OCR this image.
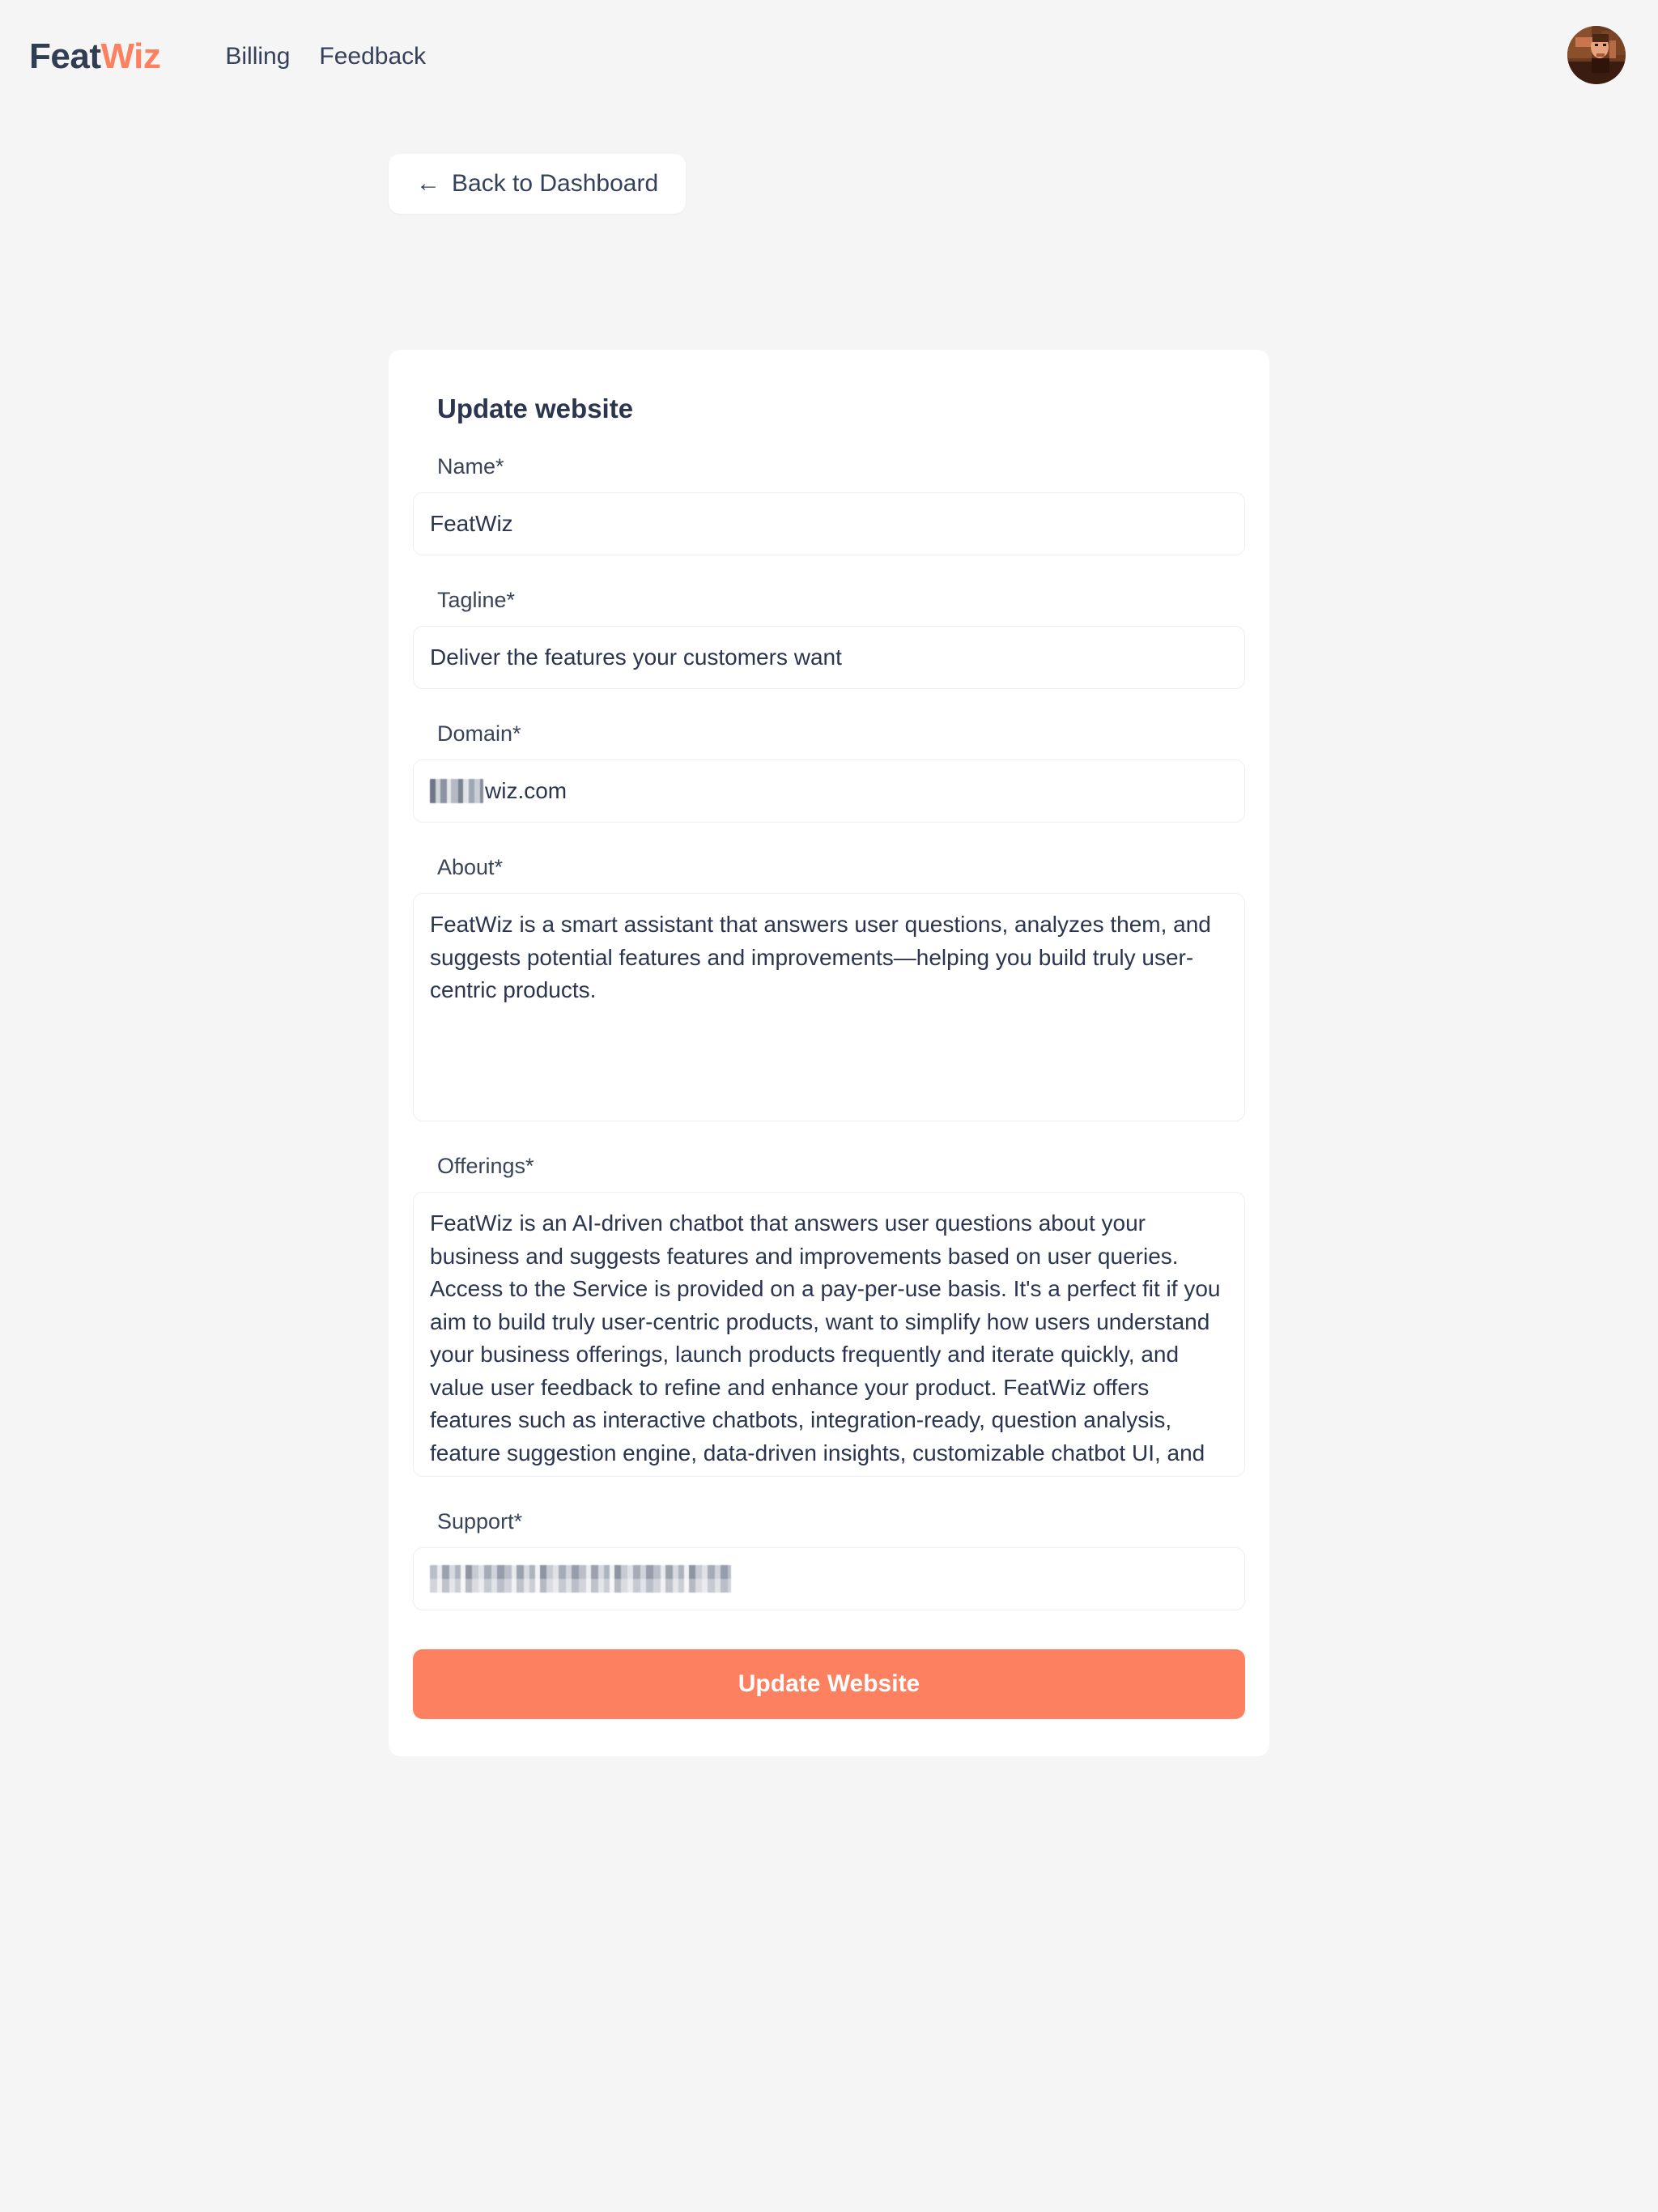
FeatWiz	Billing Feedback
← Back to Dashboard
Update website
Name*
FeatWiz
Tagline*
Deliver the features your customers want
Domain*
wiz.com
About*
FeatWiz is a smart assistant that answers user questions, analyzes them, and suggests potential features and improvements—helping you build truly user-centric products.
Offerings*
FeatWiz is an AI-driven chatbot that answers user questions about your business and suggests features and improvements based on user queries. Access to the Service is provided on a pay-per-use basis. It's a perfect fit if you aim to build truly user-centric products, want to simplify how users understand your business offerings, launch products frequently and iterate quickly, and value user feedback to refine and enhance your product. FeatWiz offers features such as interactive chatbots, integration-ready, question analysis, feature suggestion engine, data-driven insights, customizable chatbot UI, and more.
Support*
Update Website
